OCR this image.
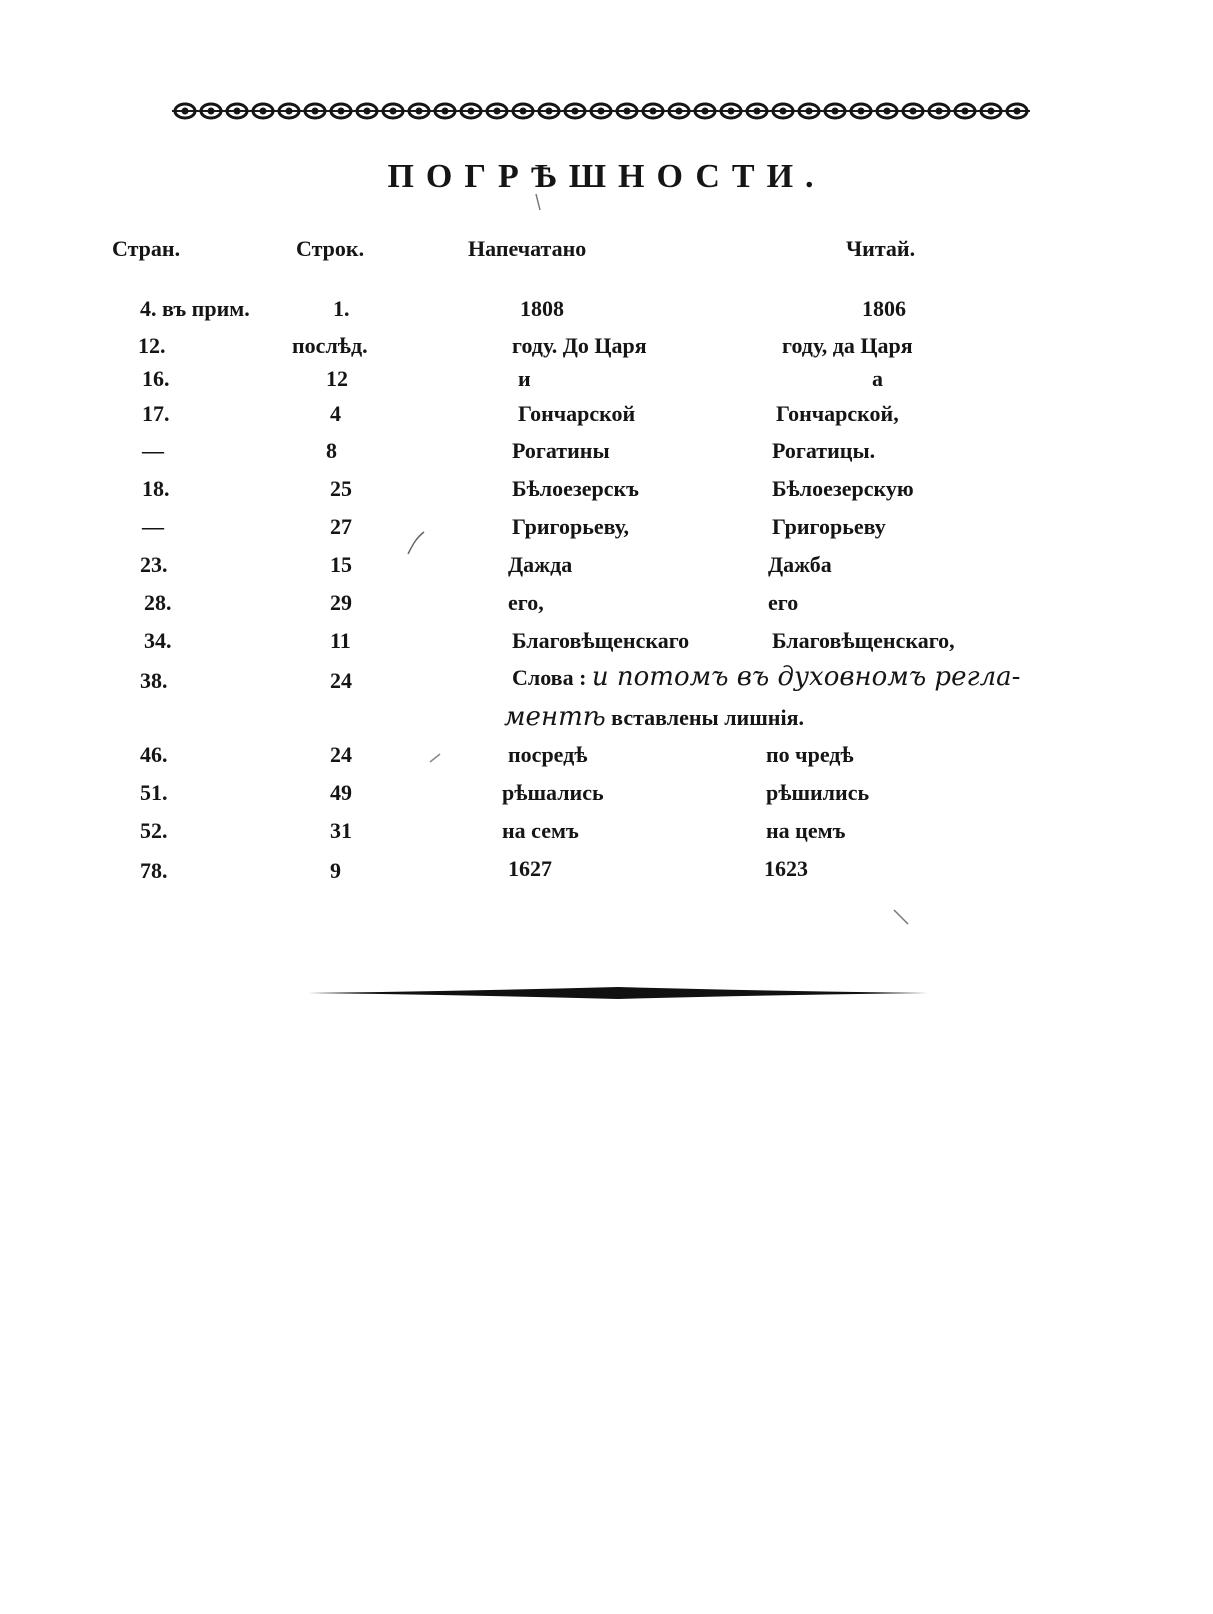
ПОГРѢШНОСТИ.
Стран.	Строк.	Напечатано	Читай.
4. въ прим.	1.	1808	1806
12.	послѣд.	году. До Царя	году, да Царя
16.	12	и	а
17.	4	Гончарской	Гончарской,
—	8	Рогатины	Рогатицы.
18.	25	Бѣлоезерскъ	Бѣлоезерскую
—	27	Григорьеву,	Григорьеву
23.	15	Дажда	Дажба
28.	29	его,	его
34.	11	Благовѣщенскаго	Благовѣщенскаго,
38.	24	Слова : и потомъ въ духовномъ регла-
ментѣ вставлены лишнія.
46.	24	посредѣ	по чредѣ
51.	49	рѣшались	рѣшились
52.	31	на семъ	на цемъ
78.	9	1627	1623
